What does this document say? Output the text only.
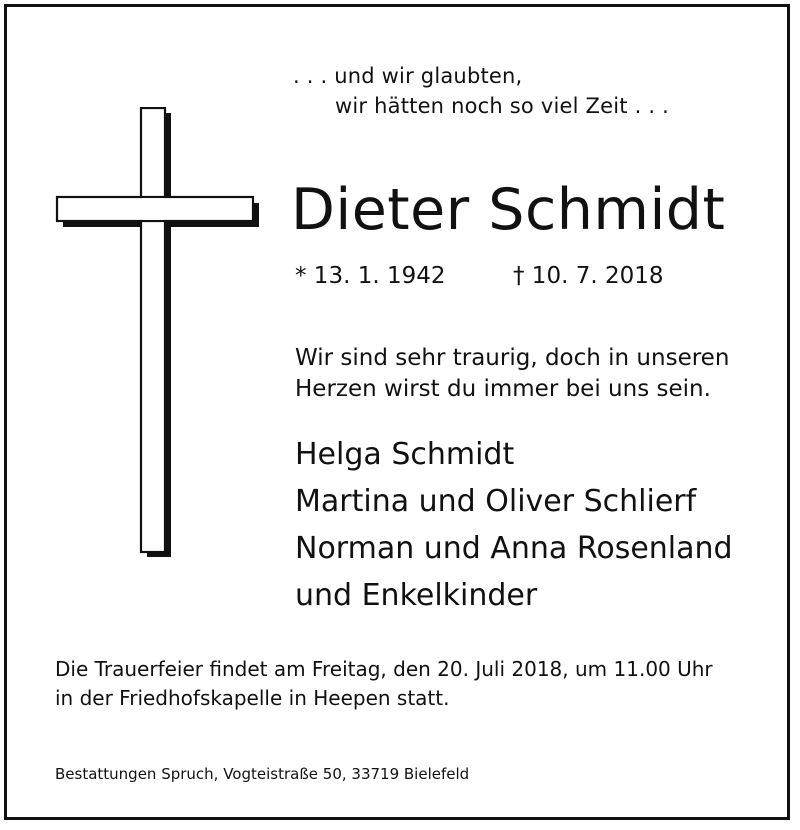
. . . und wir glaubten,
wir hätten noch so viel Zeit . . .
Dieter Schmidt
* 13. 1. 1942	† 10. 7. 2018
Wir sind sehr traurig, doch in unseren
Herzen wirst du immer bei uns sein.
Helga Schmidt
Martina und Oliver Schlierf
Norman und Anna Rosenland
und Enkelkinder
Die Trauerfeier findet am Freitag, den 20. Juli 2018, um 11.00 Uhr
in der Friedhofskapelle in Heepen statt.
Bestattungen Spruch, Vogteistraße 50, 33719 Bielefeld
